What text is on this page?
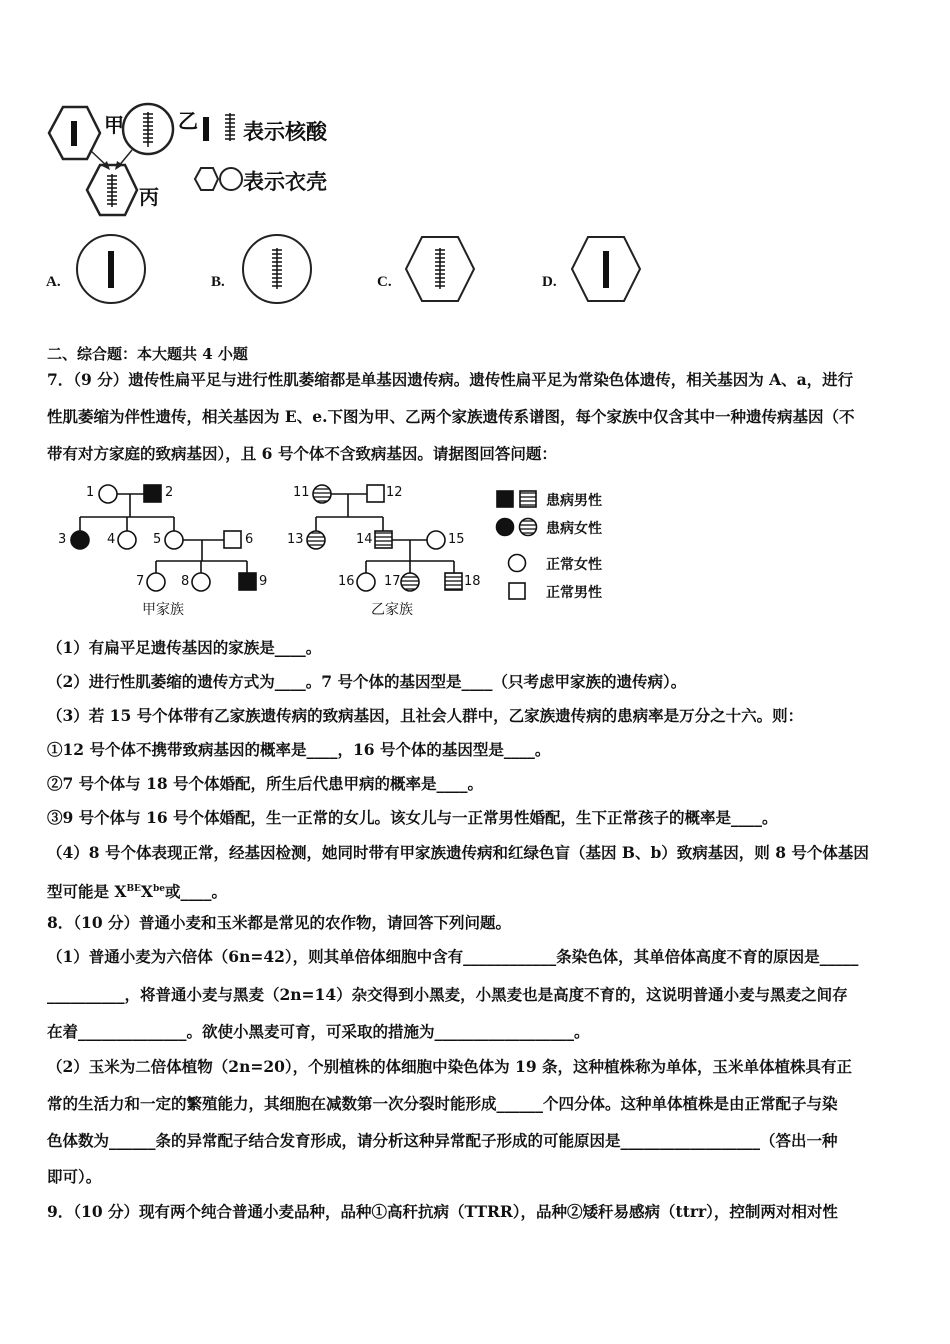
甲	乙
丙
表示核酸
表示衣壳
A.	B.	C.	D.
二、综合题：本大题共 4 小题
7．（9 分）遗传性扁平足与进行性肌萎缩都是单基因遗传病。遗传性扁平足为常染色体遗传，相关基因为 A、a，进行
性肌萎缩为伴性遗传，相关基因为 E、e.下图为甲、乙两个家族遗传系谱图，每个家族中仅含其中一种遗传病基因（不
带有对方家庭的致病基因），且 6 号个体不含致病基因。请据图回答问题：
1	2
3	4	5	6
7	8	9
11	12
13	14	15
16 17	18
甲家族	乙家族
患病男性
患病女性
正常女性
正常男性
（1）有扁平足遗传基因的家族是____。
（2）进行性肌萎缩的遗传方式为____。7 号个体的基因型是____（只考虑甲家族的遗传病）。
（3）若 15 号个体带有乙家族遗传病的致病基因，且社会人群中，乙家族遗传病的患病率是万分之十六。则：
①12 号个体不携带致病基因的概率是____，16 号个体的基因型是____。
②7 号个体与 18 号个体婚配，所生后代患甲病的概率是____。
③9 号个体与 16 号个体婚配，生一正常的女儿。该女儿与一正常男性婚配，生下正常孩子的概率是____。
（4）8 号个体表现正常，经基因检测，她同时带有甲家族遗传病和红绿色盲（基因 B、b）致病基因，则 8 号个体基因
型可能是 $X^{BE}X^{be}$或____。
8．（10 分）普通小麦和玉米都是常见的农作物，请回答下列问题。
（1）普通小麦为六倍体（6n=42），则其单倍体细胞中含有____________条染色体，其单倍体高度不育的原因是_____
__________，将普通小麦与黑麦（2n=14）杂交得到小黑麦，小黑麦也是高度不育的，这说明普通小麦与黑麦之间存
在着______________。欲使小黑麦可育，可采取的措施为__________________。
（2）玉米为二倍体植物（2n=20），个别植株的体细胞中染色体为 19 条，这种植株称为单体，玉米单体植株具有正
常的生活力和一定的繁殖能力，其细胞在减数第一次分裂时能形成______个四分体。这种单体植株是由正常配子与染
色体数为______条的异常配子结合发育形成，请分析这种异常配子形成的可能原因是__________________（答出一种
即可）。
9．（10 分）现有两个纯合普通小麦品种，品种①高秆抗病（TTRR），品种②矮秆易感病（ttrr），控制两对相对性
